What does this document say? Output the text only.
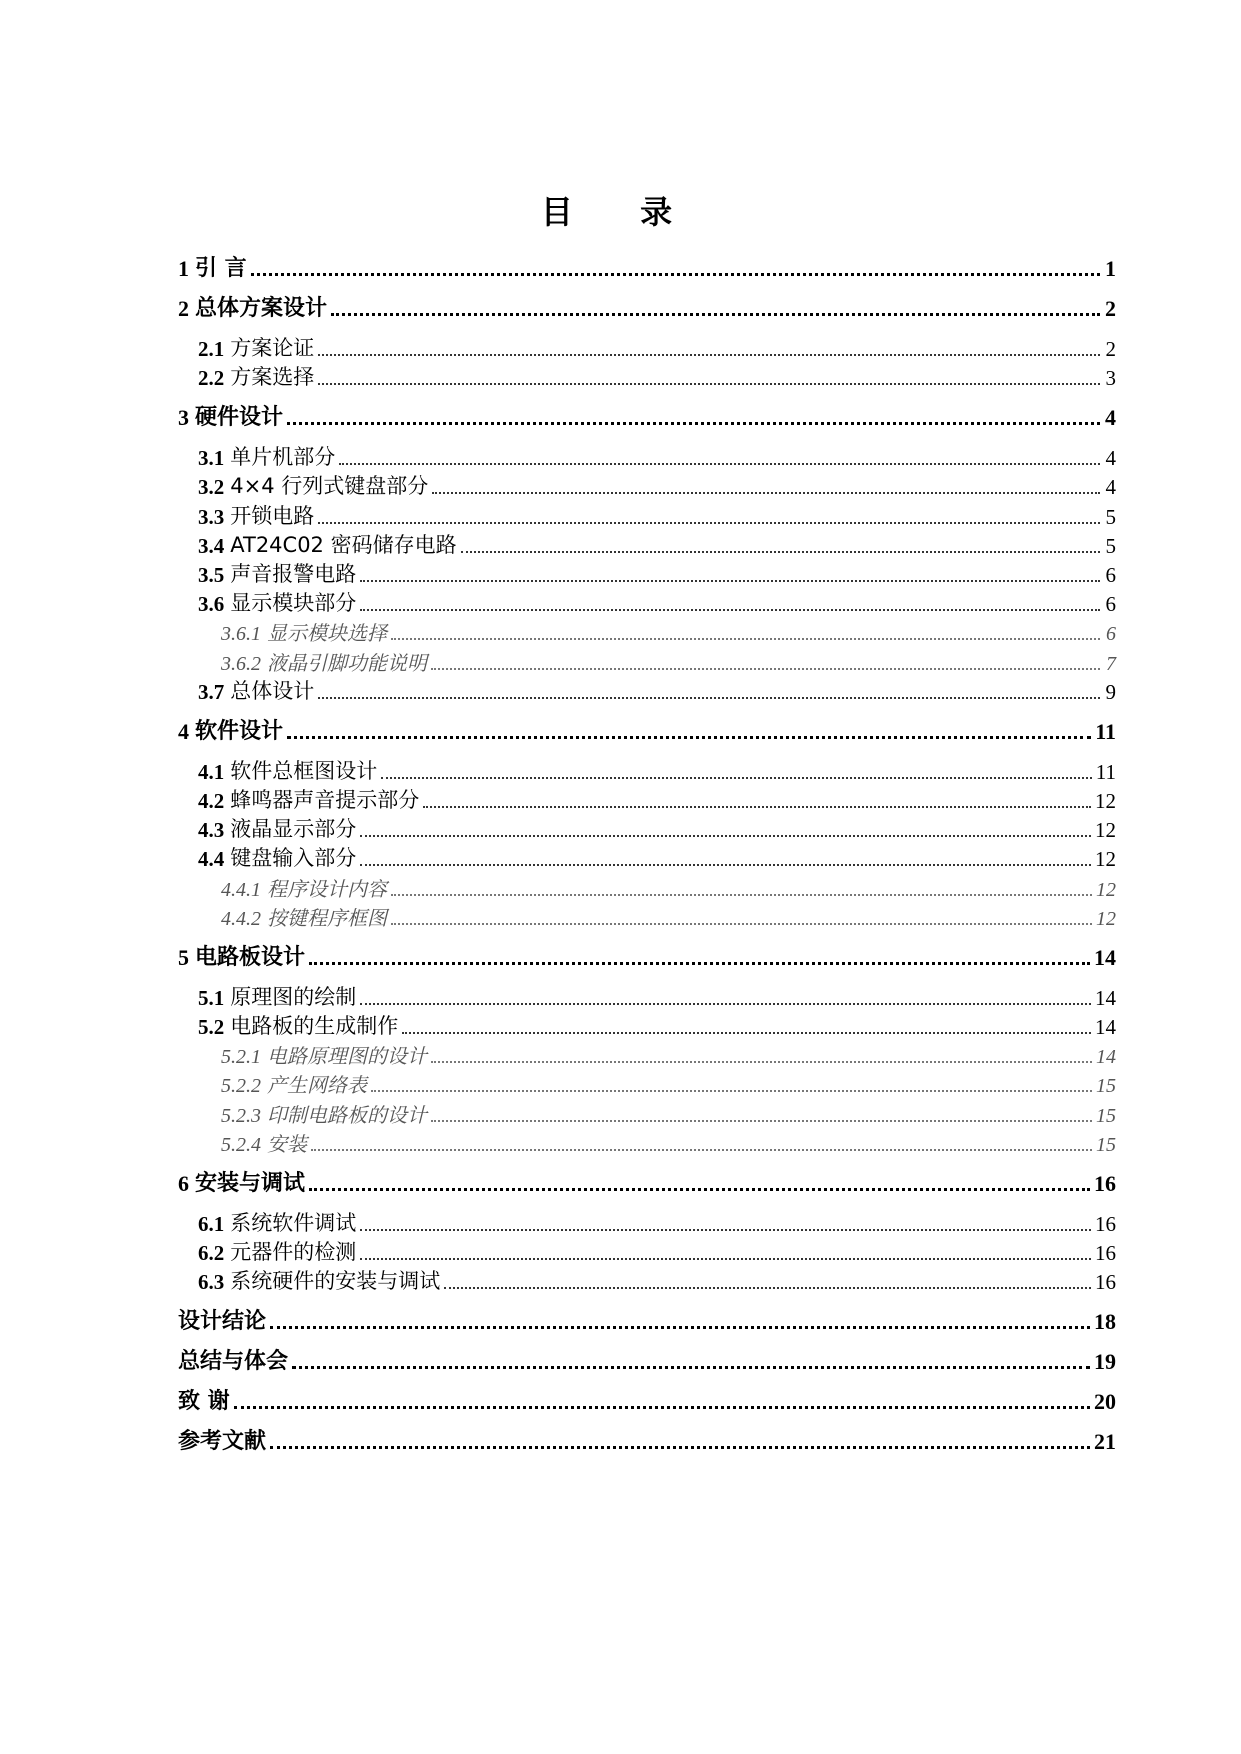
目 录
1 引 言	1
2 总体方案设计	2
2.1 方案论证	2
2.2 方案选择	3
3 硬件设计	4
3.1 单片机部分	4
3.2 4×4 行列式键盘部分	4
3.3 开锁电路	5
3.4 AT24C02 密码储存电路	5
3.5 声音报警电路	6
3.6 显示模块部分	6
3.6.1 显示模块选择	6
3.6.2 液晶引脚功能说明	7
3.7 总体设计	9
4 软件设计	11
4.1 软件总框图设计	11
4.2 蜂鸣器声音提示部分	12
4.3 液晶显示部分	12
4.4 键盘输入部分	12
4.4.1 程序设计内容	12
4.4.2 按键程序框图	12
5 电路板设计	14
5.1 原理图的绘制	14
5.2 电路板的生成制作	14
5.2.1 电路原理图的设计	14
5.2.2 产生网络表	15
5.2.3 印制电路板的设计	15
5.2.4 安装	15
6 安装与调试	16
6.1 系统软件调试	16
6.2 元器件的检测	16
6.3 系统硬件的安装与调试	16
设计结论	18
总结与体会	19
致 谢	20
参考文献	21
